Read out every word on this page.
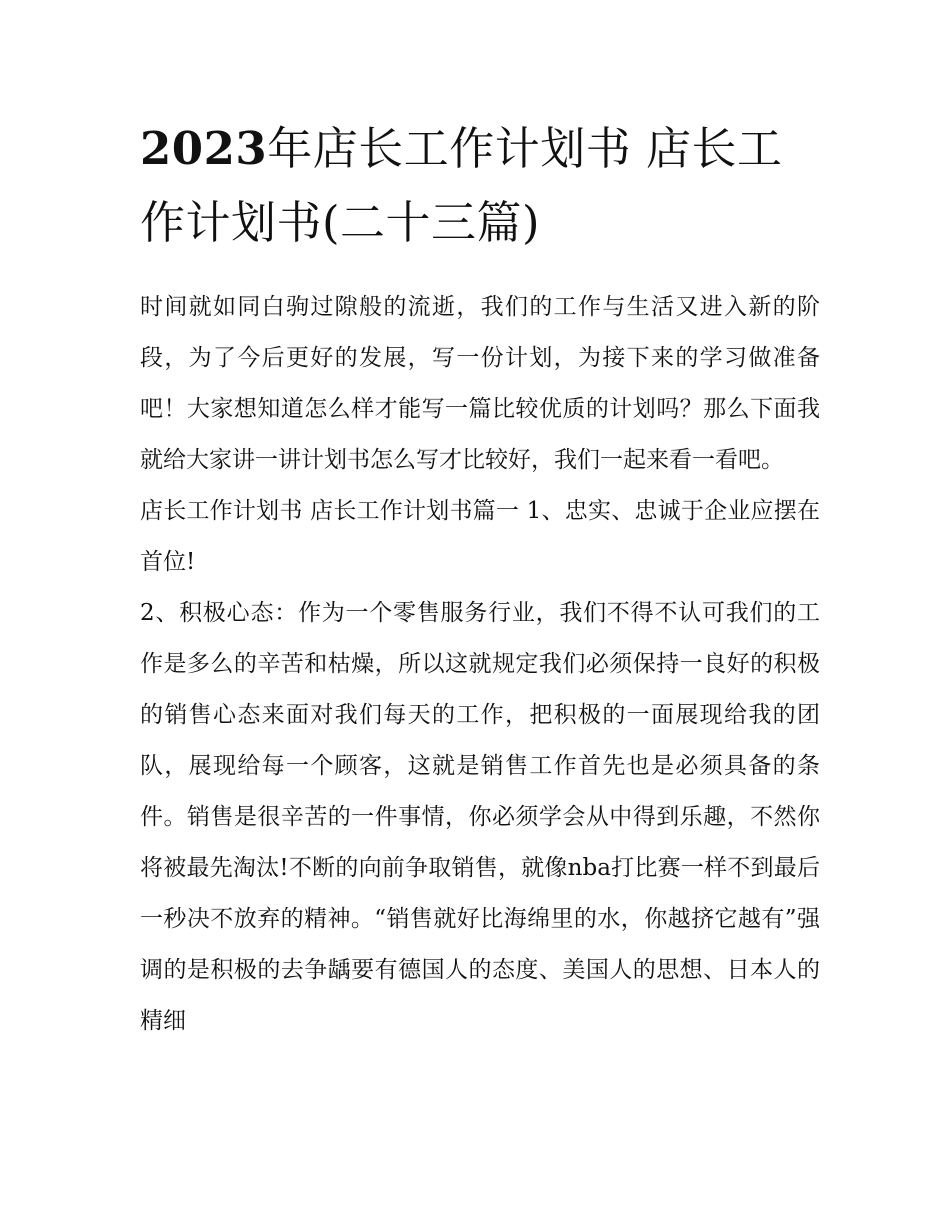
2023年店长工作计划书 店长工作计划书(二十三篇)

时间就如同白驹过隙般的流逝，我们的工作与生活又进入新的阶段，为了今后更好的发展，写一份计划，为接下来的学习做准备吧！大家想知道怎么样才能写一篇比较优质的计划吗？那么下面我就给大家讲一讲计划书怎么写才比较好，我们一起来看一看吧。

店长工作计划书 店长工作计划书篇一 1、忠实、忠诚于企业应摆在首位!

2、积极心态：作为一个零售服务行业，我们不得不认可我们的工作是多么的辛苦和枯燥，所以这就规定我们必须保持一良好的积极的销售心态来面对我们每天的工作，把积极的一面展现给我的团队，展现给每一个顾客，这就是销售工作首先也是必须具备的条件。销售是很辛苦的一件事情，你必须学会从中得到乐趣，不然你将被最先淘汰!不断的向前争取销售，就像nba打比赛一样不到最后一秒决不放弃的精神。“销售就好比海绵里的水，你越挤它越有”强调的是积极的去争龋要有德国人的态度、美国人的思想、日本人的精细
